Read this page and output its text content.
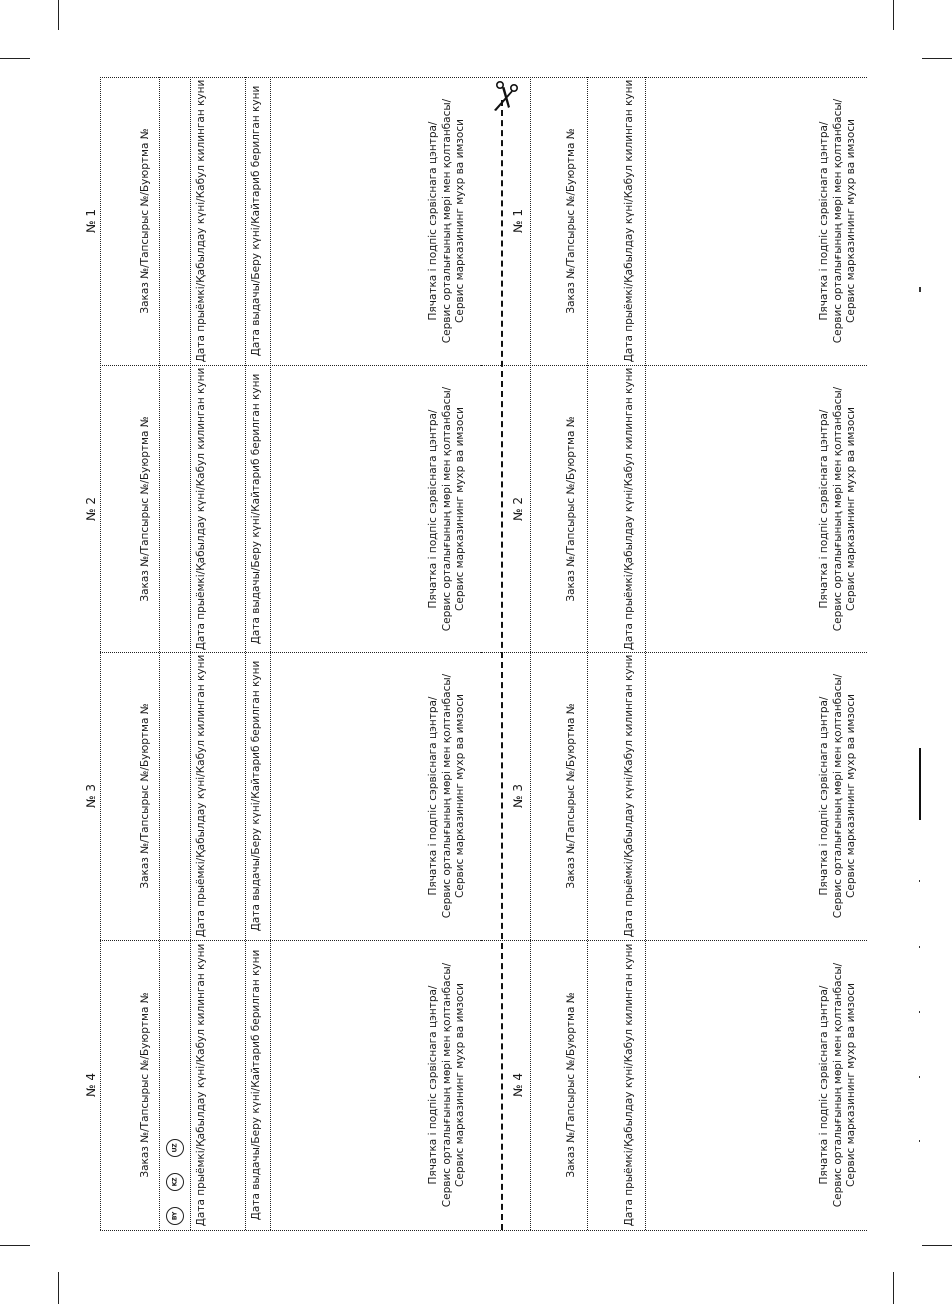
№ 1	Заказ №/Тапсырыс №/Буюртма №	Дата прыёмкі/Қабылдау күні/Кабул килинган куни	Дата выдачы/Беру күні/Кайтариб берилган куни	Пячатка і подпіс сэрвіснага цэнтра/ Сервис орталығының мөрі мен қолтанбасы/ Сервис марказининг мухр ва имзоси	№ 1	Заказ №/Тапсырыс №/Буюртма №	Дата прыёмкі/Қабылдау күні/Кабул килинган куни	Пячатка і подпіс сэрвіснага цэнтра/ Сервис орталығының мөрі мен қолтанбасы/ Сервис марказининг мухр ва имзоси
№ 2	Заказ №/Тапсырыс №/Буюртма №	Дата прыёмкі/Қабылдау күні/Кабул килинган куни	Дата выдачы/Беру күні/Кайтариб берилган куни	Пячатка і подпіс сэрвіснага цэнтра/ Сервис орталығының мөрі мен қолтанбасы/ Сервис марказининг мухр ва имзоси	№ 2	Заказ №/Тапсырыс №/Буюртма №	Дата прыёмкі/Қабылдау күні/Кабул килинган куни	Пячатка і подпіс сэрвіснага цэнтра/ Сервис орталығының мөрі мен қолтанбасы/ Сервис марказининг мухр ва имзоси
№ 3	Заказ №/Тапсырыс №/Буюртма №	Дата прыёмкі/Қабылдау күні/Кабул килинган куни	Дата выдачы/Беру күні/Кайтариб берилган куни	Пячатка і подпіс сэрвіснага цэнтра/ Сервис орталығының мөрі мен қолтанбасы/ Сервис марказининг мухр ва имзоси	№ 3	Заказ №/Тапсырыс №/Буюртма №	Дата прыёмкі/Қабылдау күні/Кабул килинган куни	Пячатка і подпіс сэрвіснага цэнтра/ Сервис орталығының мөрі мен қолтанбасы/ Сервис марказининг мухр ва имзоси
№ 4	Заказ №/Тапсырыс №/Буюртма №	Дата прыёмкі/Қабылдау күні/Кабул килинган куни	Дата выдачы/Беру күні/Кайтариб берилган куни	Пячатка і подпіс сэрвіснага цэнтра/ Сервис орталығының мөрі мен қолтанбасы/ Сервис марказининг мухр ва имзоси	№ 4	Заказ №/Тапсырыс №/Буюртма №	Дата прыёмкі/Қабылдау күні/Кабул килинган куни	Пячатка і подпіс сэрвіснага цэнтра/ Сервис орталығының мөрі мен қолтанбасы/ Сервис марказининг мухр ва имзоси
BY
KZ
UZ
